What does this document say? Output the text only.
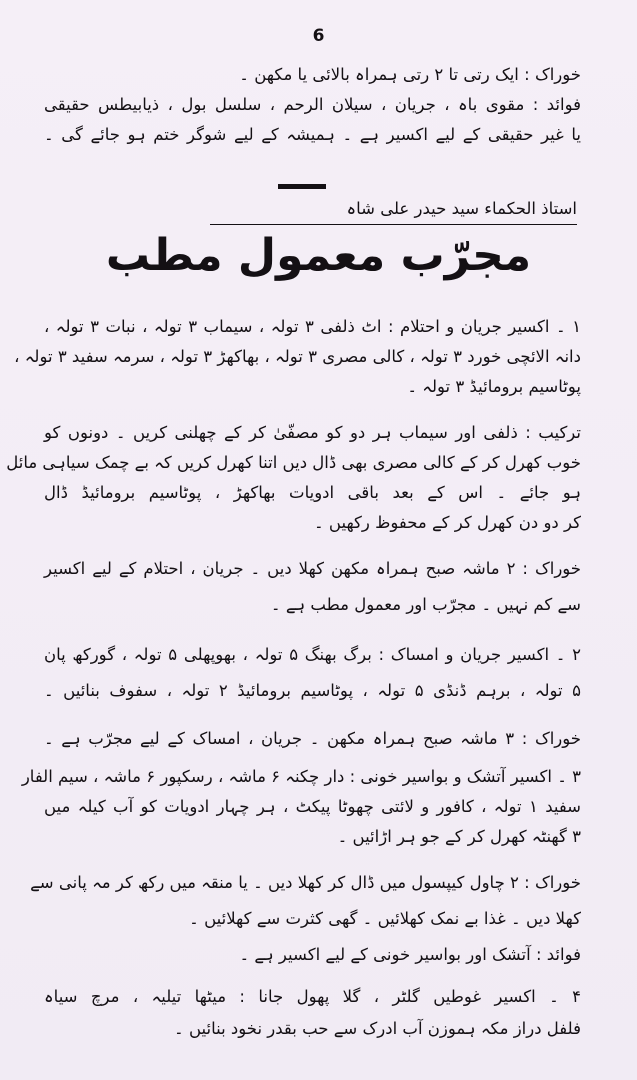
6
خوراک : ایک رتی تا ۲ رتی ہمراہ بالائی یا مکھن ۔
فوائد : مقوی باہ ، جریان ، سیلان الرحم ، سلسل بول ، ذیابیطس حقیقی
یا غیر حقیقی کے لیے اکسیر ہے ۔ ہمیشہ کے لیے شوگر ختم ہو جائے گی ۔
استاذ الحکماء سید حیدر علی شاہ
مجرّب معمول مطب
۱ ۔ اکسیر جریان و احتلام : اٹ ذلفی ۳ تولہ ، سیماب ۳ تولہ ، نبات ۳ تولہ ،
دانہ الائچی خورد ۳ تولہ ، کالی مصری ۳ تولہ ، بھاکھڑ ۳ تولہ ، سرمہ سفید ۳ تولہ ،
پوٹاسیم برومائیڈ ۳ تولہ ۔
ترکیب : ذلفی اور سیماب ہر دو کو مصفّیٰ کر کے چھلنی کریں ۔ دونوں کو
خوب کھرل کر کے کالی مصری بھی ڈال دیں اتنا کھرل کریں کہ بے چمک سیاہی مائل
ہو جائے ۔ اس کے بعد باقی ادویات بھاکھڑ ، پوٹاسیم برومائیڈ ڈال
کر دو دن کھرل کر کے محفوظ رکھیں ۔
خوراک : ۲ ماشہ صبح ہمراہ مکھن کھلا دیں ۔ جریان ، احتلام کے لیے اکسیر
سے کم نہیں ۔ مجرّب اور معمول مطب ہے ۔
۲ ۔ اکسیر جریان و امساک : برگ بھنگ ۵ تولہ ، بھوپھلی ۵ تولہ ، گورکھ پان
۵ تولہ ، برہم ڈنڈی ۵ تولہ ، پوٹاسیم برومائیڈ ۲ تولہ ، سفوف بنائیں ۔
خوراک : ۳ ماشہ صبح ہمراہ مکھن ۔ جریان ، امساک کے لیے مجرّب ہے ۔
۳ ۔ اکسیر آتشک و بواسیر خونی : دار چکنہ ۶ ماشہ ، رسکپور ۶ ماشہ ، سیم الفار
سفید ۱ تولہ ، کافور و لائتی چھوٹا پیکٹ ، ہر چہار ادویات کو آب کیلہ میں
۳ گھنٹہ کھرل کر کے جو ہر اڑائیں ۔
خوراک : ۲ چاول کیپسول میں ڈال کر کھلا دیں ۔ یا منقہ میں رکھ کر مہ پانی سے
کھلا دیں ۔ غذا بے نمک کھلائیں ۔ گھی کثرت سے کھلائیں ۔
فوائد : آتشک اور بواسیر خونی کے لیے اکسیر ہے ۔
۴ ۔ اکسیر غوطیں گلٹر ، گلا پھول جانا : میٹھا تیلیہ ، مرچ سیاہ
فلفل دراز مکہ ہموزن آب ادرک سے حب بقدر نخود بنائیں ۔
